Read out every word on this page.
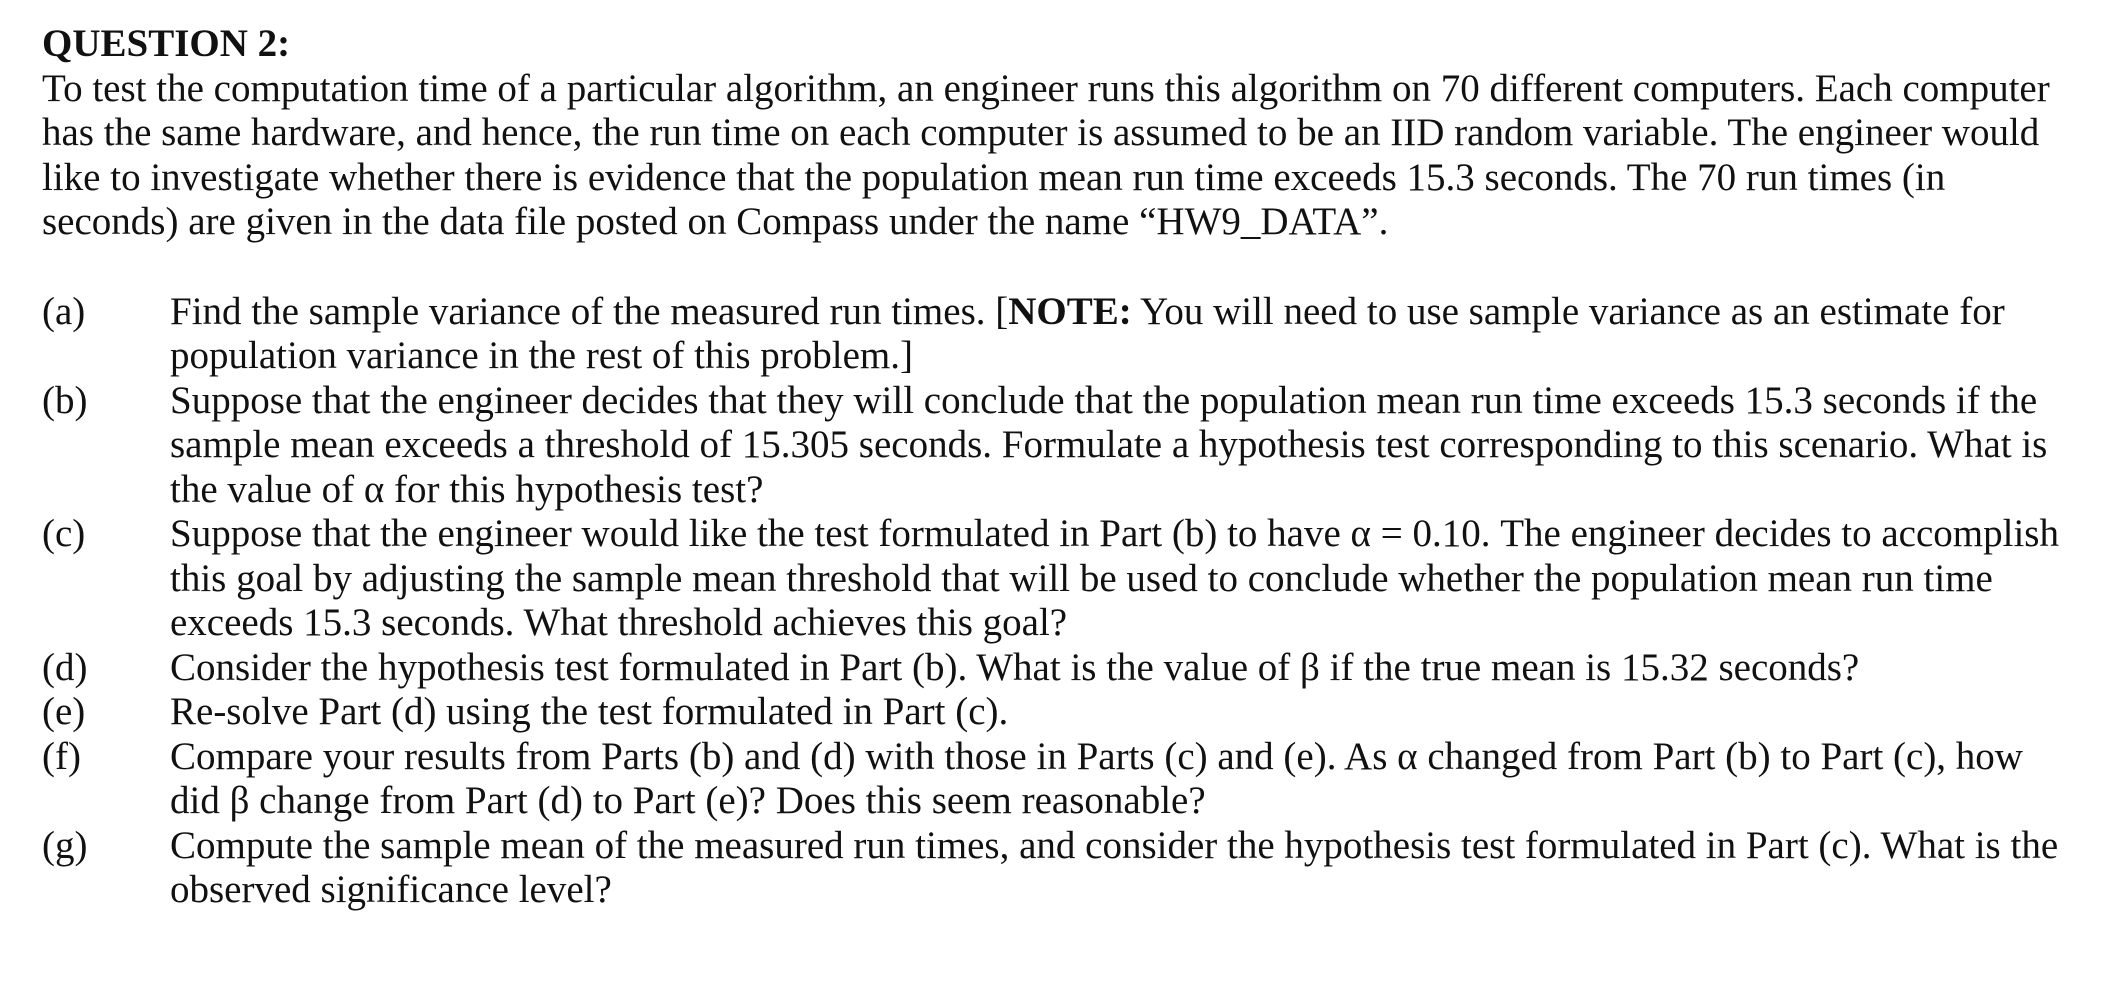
QUESTION 2:

To test the computation time of a particular algorithm, an engineer runs this algorithm on 70 different computers. Each computer has the same hardware, and hence, the run time on each computer is assumed to be an IID random variable. The engineer would like to investigate whether there is evidence that the population mean run time exceeds 15.3 seconds. The 70 run times (in seconds) are given in the data file posted on Compass under the name “HW9_DATA”.

(a) Find the sample variance of the measured run times. [NOTE: You will need to use sample variance as an estimate for population variance in the rest of this problem.]
(b) Suppose that the engineer decides that they will conclude that the population mean run time exceeds 15.3 seconds if the sample mean exceeds a threshold of 15.305 seconds. Formulate a hypothesis test corresponding to this scenario. What is the value of α for this hypothesis test?
(c) Suppose that the engineer would like the test formulated in Part (b) to have α = 0.10. The engineer decides to accomplish this goal by adjusting the sample mean threshold that will be used to conclude whether the population mean run time exceeds 15.3 seconds. What threshold achieves this goal?
(d) Consider the hypothesis test formulated in Part (b). What is the value of β if the true mean is 15.32 seconds?
(e) Re-solve Part (d) using the test formulated in Part (c).
(f) Compare your results from Parts (b) and (d) with those in Parts (c) and (e). As α changed from Part (b) to Part (c), how did β change from Part (d) to Part (e)? Does this seem reasonable?
(g) Compute the sample mean of the measured run times, and consider the hypothesis test formulated in Part (c). What is the observed significance level?
